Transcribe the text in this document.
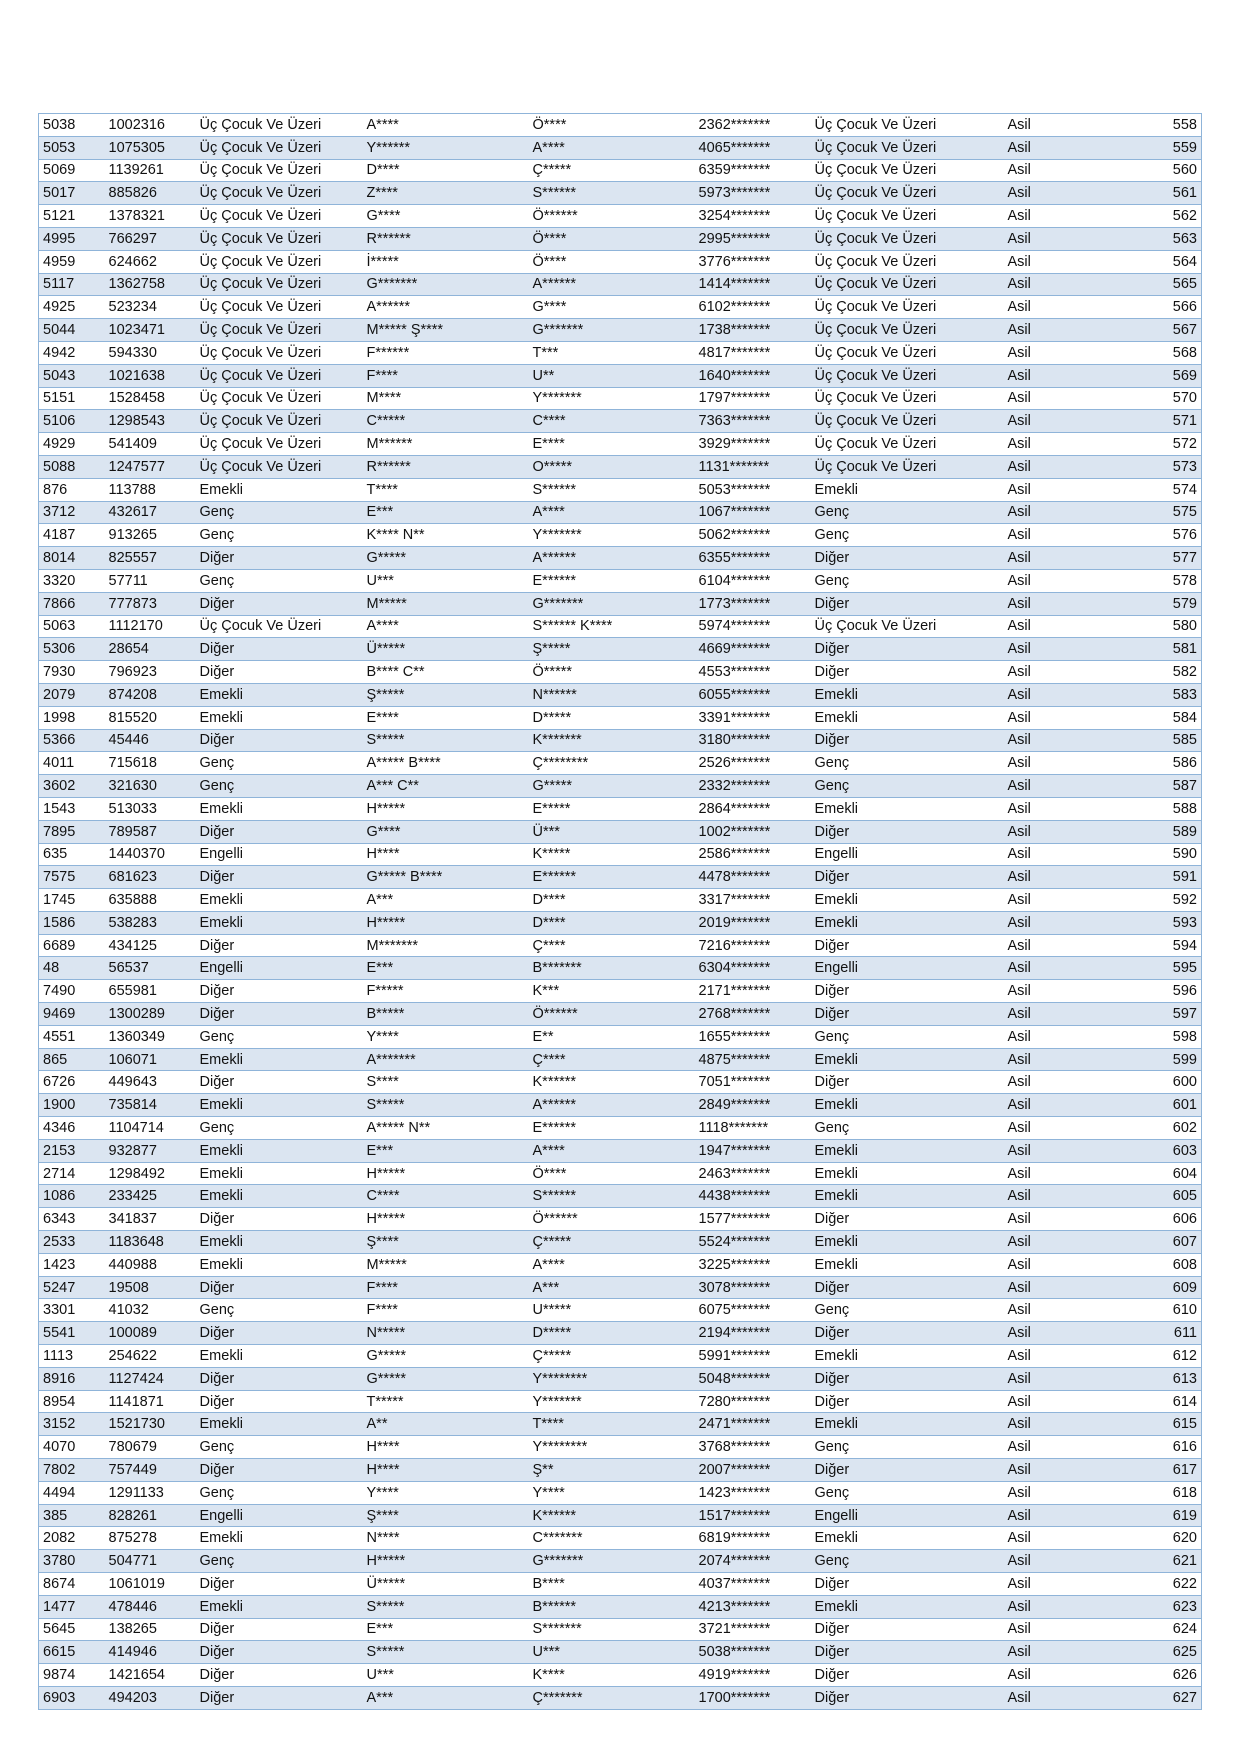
5038	1002316	Üç Çocuk Ve Üzeri	A****	Ö****	2362*******	Üç Çocuk Ve Üzeri	Asil	558
5053	1075305	Üç Çocuk Ve Üzeri	Y******	A****	4065*******	Üç Çocuk Ve Üzeri	Asil	559
5069	1139261	Üç Çocuk Ve Üzeri	D****	Ç*****	6359*******	Üç Çocuk Ve Üzeri	Asil	560
5017	885826	Üç Çocuk Ve Üzeri	Z****	S******	5973*******	Üç Çocuk Ve Üzeri	Asil	561
5121	1378321	Üç Çocuk Ve Üzeri	G****	Ö******	3254*******	Üç Çocuk Ve Üzeri	Asil	562
4995	766297	Üç Çocuk Ve Üzeri	R******	Ö****	2995*******	Üç Çocuk Ve Üzeri	Asil	563
4959	624662	Üç Çocuk Ve Üzeri	İ*****	Ö****	3776*******	Üç Çocuk Ve Üzeri	Asil	564
5117	1362758	Üç Çocuk Ve Üzeri	G*******	A******	1414*******	Üç Çocuk Ve Üzeri	Asil	565
4925	523234	Üç Çocuk Ve Üzeri	A******	G****	6102*******	Üç Çocuk Ve Üzeri	Asil	566
5044	1023471	Üç Çocuk Ve Üzeri	M***** Ş****	G*******	1738*******	Üç Çocuk Ve Üzeri	Asil	567
4942	594330	Üç Çocuk Ve Üzeri	F******	T***	4817*******	Üç Çocuk Ve Üzeri	Asil	568
5043	1021638	Üç Çocuk Ve Üzeri	F****	U**	1640*******	Üç Çocuk Ve Üzeri	Asil	569
5151	1528458	Üç Çocuk Ve Üzeri	M****	Y*******	1797*******	Üç Çocuk Ve Üzeri	Asil	570
5106	1298543	Üç Çocuk Ve Üzeri	C*****	C****	7363*******	Üç Çocuk Ve Üzeri	Asil	571
4929	541409	Üç Çocuk Ve Üzeri	M******	E****	3929*******	Üç Çocuk Ve Üzeri	Asil	572
5088	1247577	Üç Çocuk Ve Üzeri	R******	O*****	1131*******	Üç Çocuk Ve Üzeri	Asil	573
876	113788	Emekli	T****	S******	5053*******	Emekli	Asil	574
3712	432617	Genç	E***	A****	1067*******	Genç	Asil	575
4187	913265	Genç	K**** N**	Y*******	5062*******	Genç	Asil	576
8014	825557	Diğer	G*****	A******	6355*******	Diğer	Asil	577
3320	57711	Genç	U***	E******	6104*******	Genç	Asil	578
7866	777873	Diğer	M*****	G*******	1773*******	Diğer	Asil	579
5063	1112170	Üç Çocuk Ve Üzeri	A****	S****** K****	5974*******	Üç Çocuk Ve Üzeri	Asil	580
5306	28654	Diğer	Ü*****	Ş*****	4669*******	Diğer	Asil	581
7930	796923	Diğer	B**** C**	Ö*****	4553*******	Diğer	Asil	582
2079	874208	Emekli	Ş*****	N******	6055*******	Emekli	Asil	583
1998	815520	Emekli	E****	D*****	3391*******	Emekli	Asil	584
5366	45446	Diğer	S*****	K*******	3180*******	Diğer	Asil	585
4011	715618	Genç	A***** B****	Ç********	2526*******	Genç	Asil	586
3602	321630	Genç	A*** C**	G*****	2332*******	Genç	Asil	587
1543	513033	Emekli	H*****	E*****	2864*******	Emekli	Asil	588
7895	789587	Diğer	G****	Ü***	1002*******	Diğer	Asil	589
635	1440370	Engelli	H****	K*****	2586*******	Engelli	Asil	590
7575	681623	Diğer	G***** B****	E******	4478*******	Diğer	Asil	591
1745	635888	Emekli	A***	D****	3317*******	Emekli	Asil	592
1586	538283	Emekli	H*****	D****	2019*******	Emekli	Asil	593
6689	434125	Diğer	M*******	Ç****	7216*******	Diğer	Asil	594
48	56537	Engelli	E***	B*******	6304*******	Engelli	Asil	595
7490	655981	Diğer	F*****	K***	2171*******	Diğer	Asil	596
9469	1300289	Diğer	B*****	Ö******	2768*******	Diğer	Asil	597
4551	1360349	Genç	Y****	E**	1655*******	Genç	Asil	598
865	106071	Emekli	A*******	Ç****	4875*******	Emekli	Asil	599
6726	449643	Diğer	S****	K******	7051*******	Diğer	Asil	600
1900	735814	Emekli	S*****	A******	2849*******	Emekli	Asil	601
4346	1104714	Genç	A***** N**	E******	1118*******	Genç	Asil	602
2153	932877	Emekli	E***	A****	1947*******	Emekli	Asil	603
2714	1298492	Emekli	H*****	Ö****	2463*******	Emekli	Asil	604
1086	233425	Emekli	C****	S******	4438*******	Emekli	Asil	605
6343	341837	Diğer	H*****	Ö******	1577*******	Diğer	Asil	606
2533	1183648	Emekli	Ş****	Ç*****	5524*******	Emekli	Asil	607
1423	440988	Emekli	M*****	A****	3225*******	Emekli	Asil	608
5247	19508	Diğer	F****	A***	3078*******	Diğer	Asil	609
3301	41032	Genç	F****	U*****	6075*******	Genç	Asil	610
5541	100089	Diğer	N*****	D*****	2194*******	Diğer	Asil	611
1113	254622	Emekli	G*****	Ç*****	5991*******	Emekli	Asil	612
8916	1127424	Diğer	G*****	Y********	5048*******	Diğer	Asil	613
8954	1141871	Diğer	T*****	Y*******	7280*******	Diğer	Asil	614
3152	1521730	Emekli	A**	T****	2471*******	Emekli	Asil	615
4070	780679	Genç	H****	Y********	3768*******	Genç	Asil	616
7802	757449	Diğer	H****	Ş**	2007*******	Diğer	Asil	617
4494	1291133	Genç	Y****	Y****	1423*******	Genç	Asil	618
385	828261	Engelli	Ş****	K******	1517*******	Engelli	Asil	619
2082	875278	Emekli	N****	C*******	6819*******	Emekli	Asil	620
3780	504771	Genç	H*****	G*******	2074*******	Genç	Asil	621
8674	1061019	Diğer	Ü*****	B****	4037*******	Diğer	Asil	622
1477	478446	Emekli	S*****	B******	4213*******	Emekli	Asil	623
5645	138265	Diğer	E***	S*******	3721*******	Diğer	Asil	624
6615	414946	Diğer	S*****	U***	5038*******	Diğer	Asil	625
9874	1421654	Diğer	U***	K****	4919*******	Diğer	Asil	626
6903	494203	Diğer	A***	Ç*******	1700*******	Diğer	Asil	627
